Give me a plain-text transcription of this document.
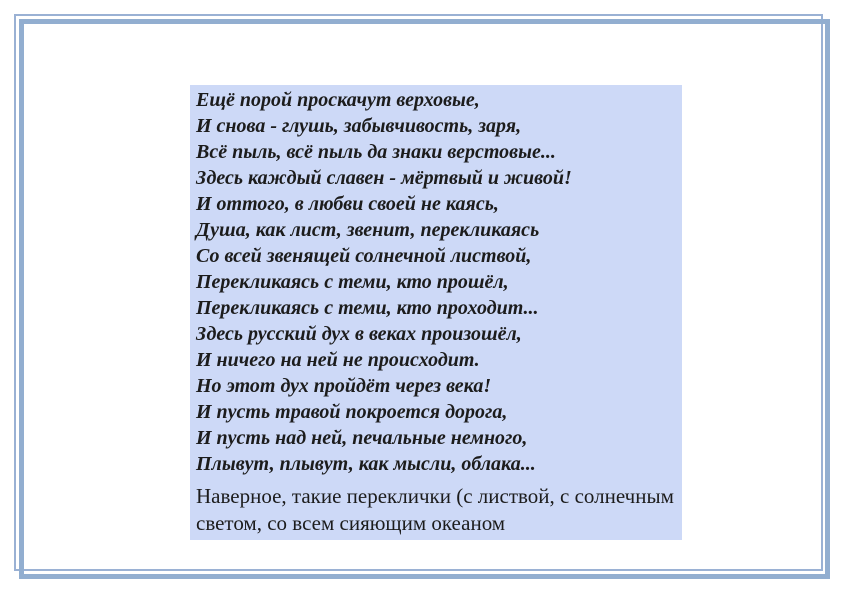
Ещё порой проскачут верховые,
И снова - глушь, забывчивость, заря,
Всё пыль, всё пыль да знаки верстовые...
Здесь каждый славен - мёртвый и живой!
И оттого, в любви своей не каясь,
Душа, как лист, звенит, перекликаясь
Со всей звенящей солнечной листвой,
Перекликаясь с теми, кто прошёл,
Перекликаясь с теми, кто проходит...
Здесь русский дух в веках произошёл,
И ничего на ней не происходит.
Но этот дух пройдёт через века!
И пусть травой покроется дорога,
И пусть над ней, печальные немного,
Плывут, плывут, как мысли, облака...

Наверное, такие переклички (с листвой, с солнечным светом, со всем сияющим океаном
